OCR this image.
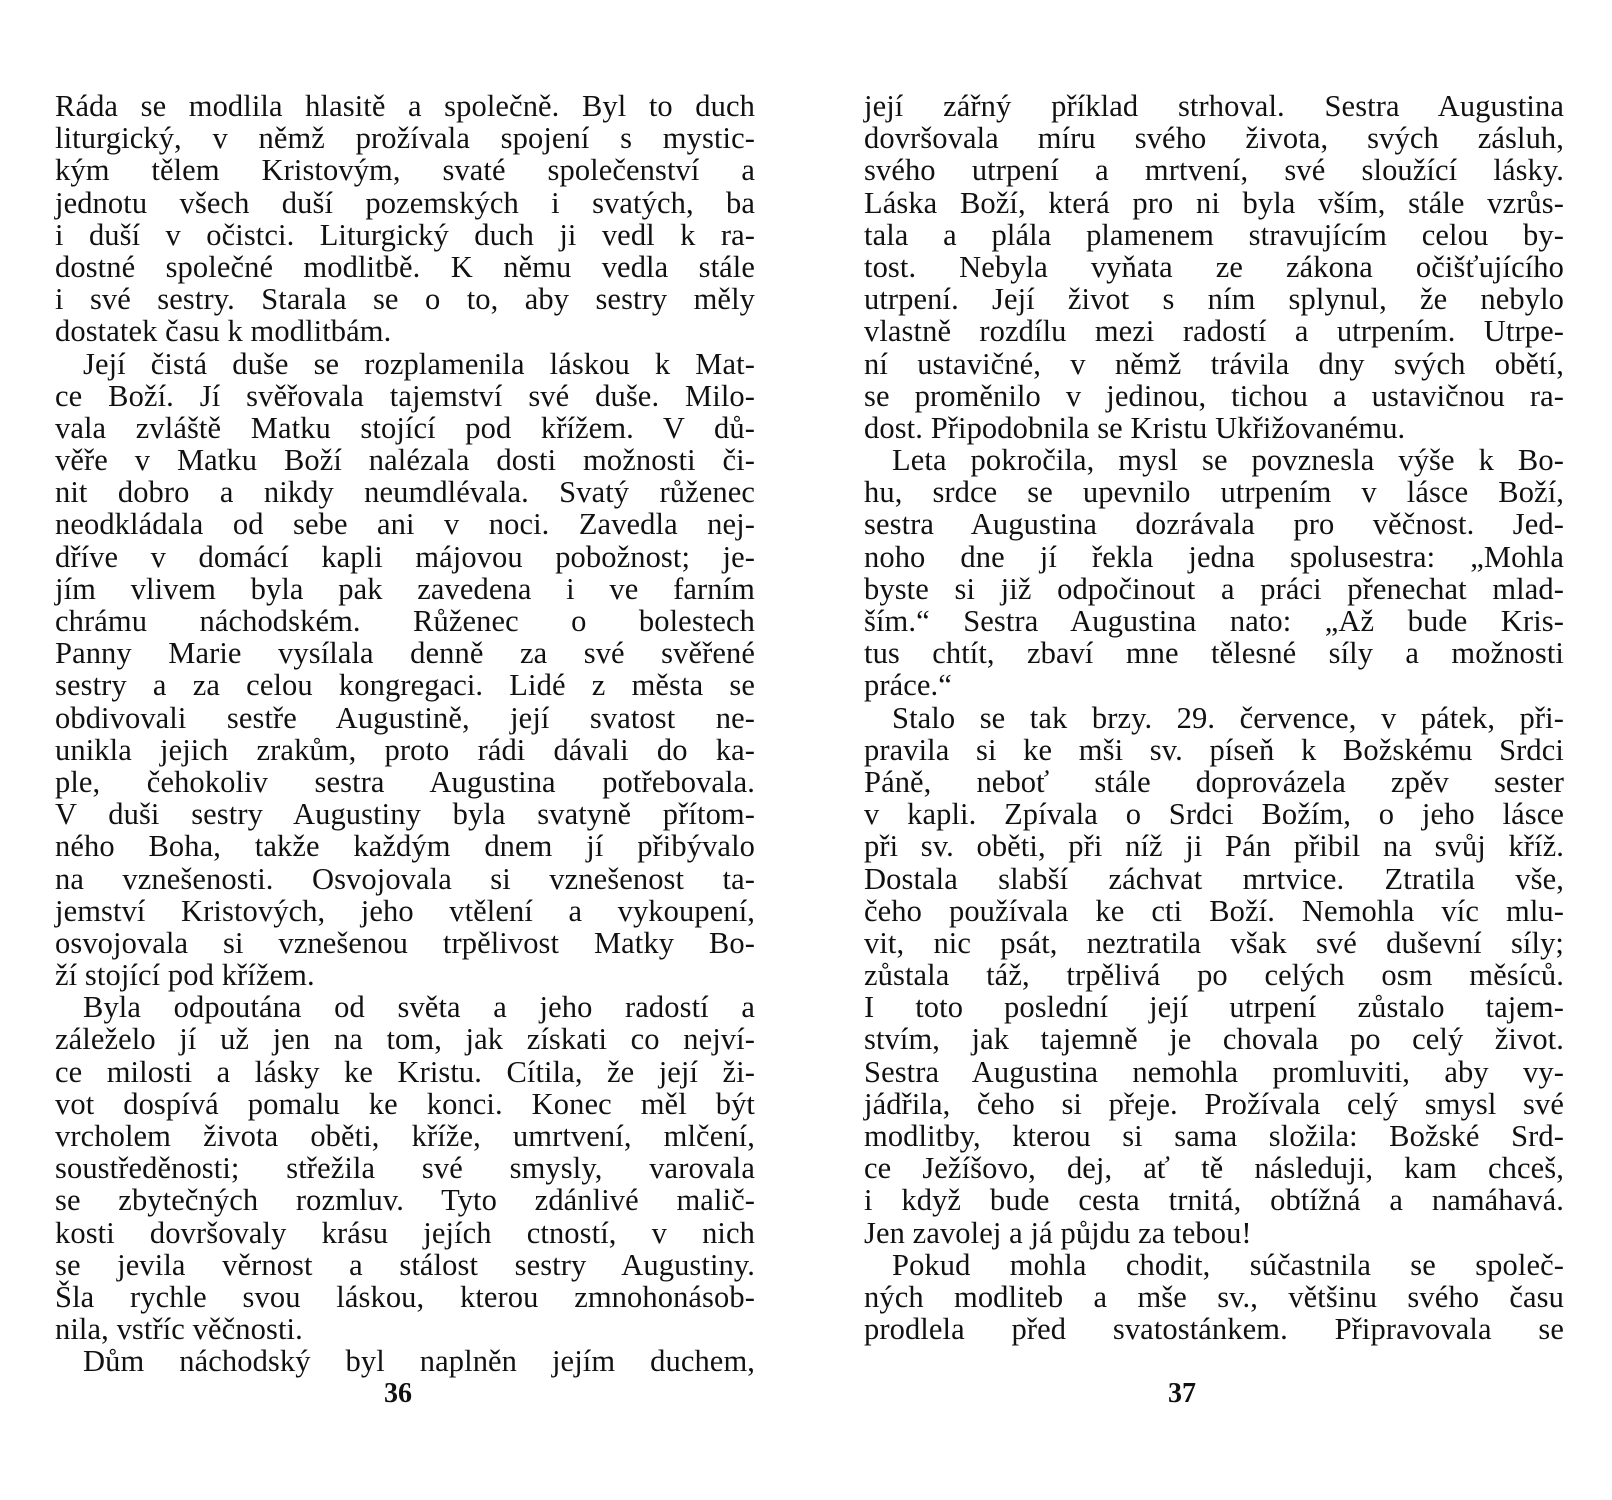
Ráda se modlila hlasitě a společně. Byl to duch
liturgický, v němž prožívala spojení s mystic-
kým tělem Kristovým, svaté společenství a
jednotu všech duší pozemských i svatých, ba
i duší v očistci. Liturgický duch ji vedl k ra-
dostné společné modlitbě. K němu vedla stále
i své sestry. Starala se o to, aby sestry měly
dostatek času k modlitbám.
Její čistá duše se rozplamenila láskou k Mat-
ce Boží. Jí svěřovala tajemství své duše. Milo-
vala zvláště Matku stojící pod křížem. V dů-
věře v Matku Boží nalézala dosti možnosti či-
nit dobro a nikdy neumdlévala. Svatý růženec
neodkládala od sebe ani v noci. Zavedla nej-
dříve v domácí kapli májovou pobožnost; je-
jím vlivem byla pak zavedena i ve farním
chrámu náchodském. Růženec o bolestech
Panny Marie vysílala denně za své svěřené
sestry a za celou kongregaci. Lidé z města se
obdivovali sestře Augustině, její svatost ne-
unikla jejich zrakům, proto rádi dávali do ka-
ple, čehokoliv sestra Augustina potřebovala.
V duši sestry Augustiny byla svatyně přítom-
ného Boha, takže každým dnem jí přibývalo
na vznešenosti. Osvojovala si vznešenost ta-
jemství Kristových, jeho vtělení a vykoupení,
osvojovala si vznešenou trpělivost Matky Bo-
ží stojící pod křížem.
Byla odpoutána od světa a jeho radostí a
záleželo jí už jen na tom, jak získati co nejví-
ce milosti a lásky ke Kristu. Cítila, že její ži-
vot dospívá pomalu ke konci. Konec měl být
vrcholem života oběti, kříže, umrtvení, mlčení,
soustředěnosti; střežila své smysly, varovala
se zbytečných rozmluv. Tyto zdánlivé malič-
kosti dovršovaly krásu jejích ctností, v nich
se jevila věrnost a stálost sestry Augustiny.
Šla rychle svou láskou, kterou zmnohonásob-
nila, vstříc věčnosti.
Dům náchodský byl naplněn jejím duchem,
36
její zářný příklad strhoval. Sestra Augustina
dovršovala míru svého života, svých zásluh,
svého utrpení a mrtvení, své sloužící lásky.
Láska Boží, která pro ni byla vším, stále vzrůs-
tala a plála plamenem stravujícím celou by-
tost. Nebyla vyňata ze zákona očišťujícího
utrpení. Její život s ním splynul, že nebylo
vlastně rozdílu mezi radostí a utrpením. Utrpe-
ní ustavičné, v němž trávila dny svých obětí,
se proměnilo v jedinou, tichou a ustavičnou ra-
dost. Připodobnila se Kristu Ukřižovanému.
Leta pokročila, mysl se povznesla výše k Bo-
hu, srdce se upevnilo utrpením v lásce Boží,
sestra Augustina dozrávala pro věčnost. Jed-
noho dne jí řekla jedna spolusestra: „Mohla
byste si již odpočinout a práci přenechat mlad-
ším.“ Sestra Augustina nato: „Až bude Kris-
tus chtít, zbaví mne tělesné síly a možnosti
práce.“
Stalo se tak brzy. 29. července, v pátek, při-
pravila si ke mši sv. píseň k Božskému Srdci
Páně, neboť stále doprovázela zpěv sester
v kapli. Zpívala o Srdci Božím, o jeho lásce
při sv. oběti, při níž ji Pán přibil na svůj kříž.
Dostala slabší záchvat mrtvice. Ztratila vše,
čeho používala ke cti Boží. Nemohla víc mlu-
vit, nic psát, neztratila však své duševní síly;
zůstala táž, trpělivá po celých osm měsíců.
I toto poslední její utrpení zůstalo tajem-
stvím, jak tajemně je chovala po celý život.
Sestra Augustina nemohla promluviti, aby vy-
jádřila, čeho si přeje. Prožívala celý smysl své
modlitby, kterou si sama složila: Božské Srd-
ce Ježíšovo, dej, ať tě následuji, kam chceš,
i když bude cesta trnitá, obtížná a namáhavá.
Jen zavolej a já půjdu za tebou!
Pokud mohla chodit, súčastnila se společ-
ných modliteb a mše sv., většinu svého času
prodlela před svatostánkem. Připravovala se
37
